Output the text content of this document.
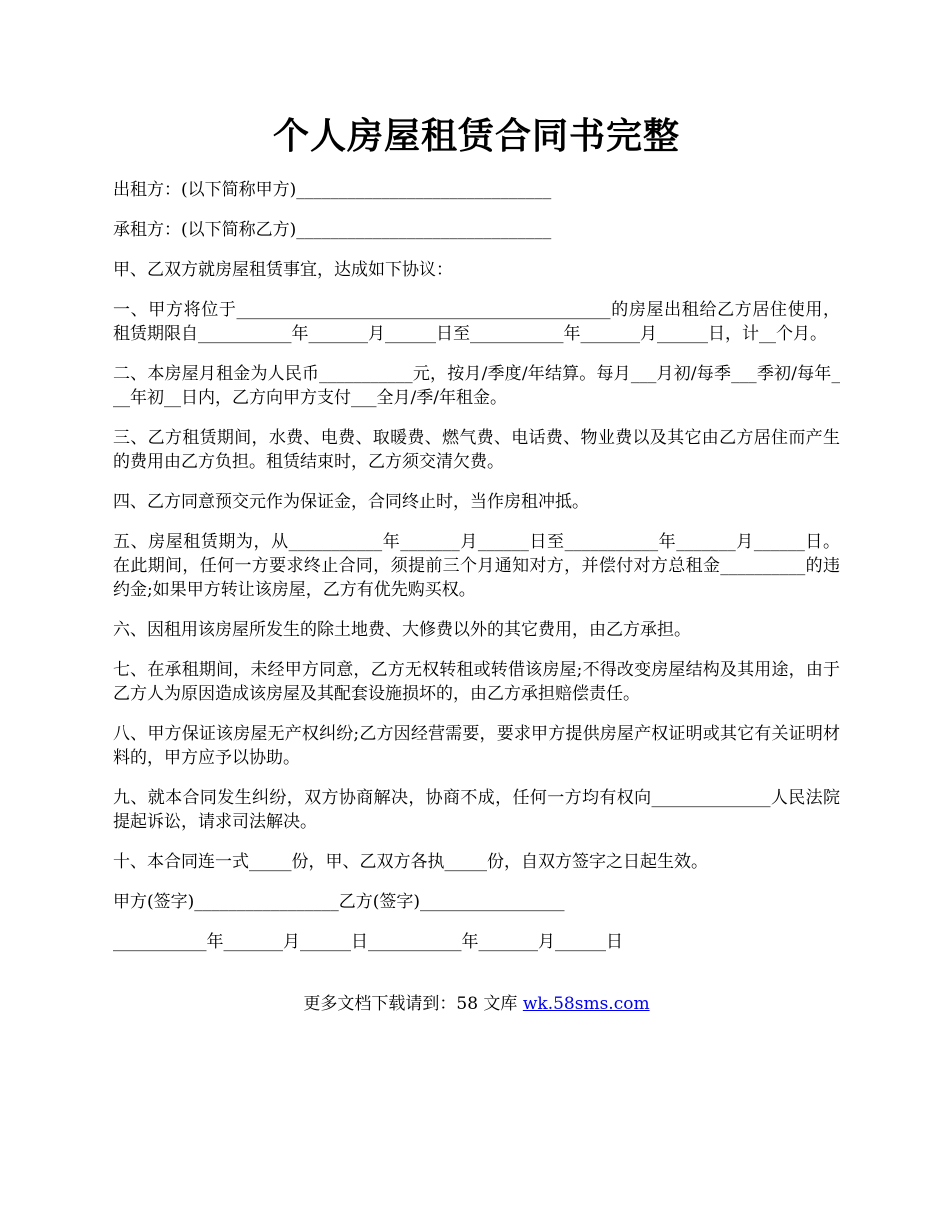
个人房屋租赁合同书完整

出租方：(以下简称甲方)______________________________

承租方：(以下简称乙方)______________________________

甲、乙双方就房屋租赁事宜，达成如下协议：

一、甲方将位于____________________________________________的房屋出租给乙方居住使用，租赁期限自___________年_______月______日至___________年_______月______日，计__个月。

二、本房屋月租金为人民币___________元，按月/季度/年结算。每月___月初/每季___季初/每年___年初__日内，乙方向甲方支付___全月/季/年租金。

三、乙方租赁期间，水费、电费、取暖费、燃气费、电话费、物业费以及其它由乙方居住而产生的费用由乙方负担。租赁结束时，乙方须交清欠费。

四、乙方同意预交元作为保证金，合同终止时，当作房租冲抵。

五、房屋租赁期为，从___________年_______月______日至___________年_______月______日。在此期间，任何一方要求终止合同，须提前三个月通知对方，并偿付对方总租金__________的违约金;如果甲方转让该房屋，乙方有优先购买权。

六、因租用该房屋所发生的除土地费、大修费以外的其它费用，由乙方承担。

七、在承租期间，未经甲方同意，乙方无权转租或转借该房屋;不得改变房屋结构及其用途，由于乙方人为原因造成该房屋及其配套设施损坏的，由乙方承担赔偿责任。

八、甲方保证该房屋无产权纠纷;乙方因经营需要，要求甲方提供房屋产权证明或其它有关证明材料的，甲方应予以协助。

九、就本合同发生纠纷，双方协商解决，协商不成，任何一方均有权向______________人民法院提起诉讼，请求司法解决。

十、本合同连一式_____份，甲、乙双方各执_____份，自双方签字之日起生效。

甲方(签字)_________________乙方(签字)_________________

___________年_______月______日___________年_______月______日

更多文档下载请到：58 文库 wk.58sms.com
